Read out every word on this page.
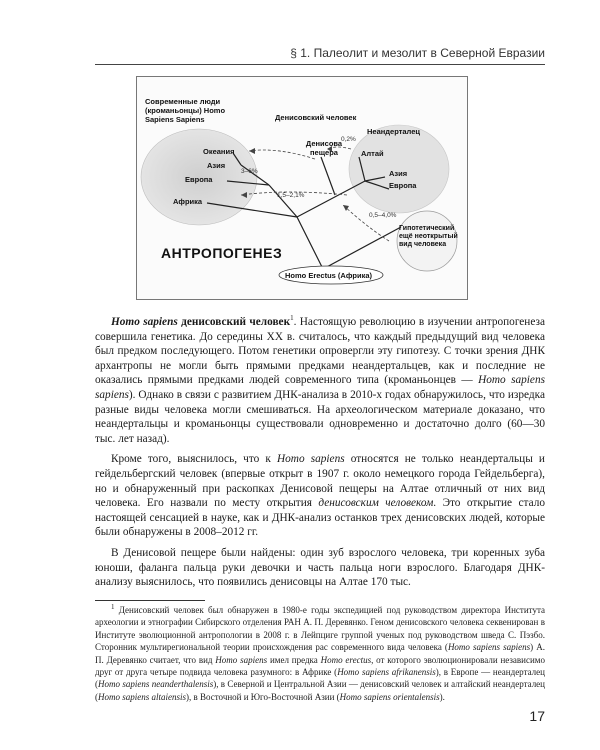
§ 1. Палеолит и мезолит в Северной Евразии
Современные люди (кроманьонцы) Homo Sapiens Sapiens	Денисовский человек
Неандерталец
Океания
Азия
Европа
Африка
Денисова пещера	Алтай
Азия
Европа
Гипотетический ещё неоткрытый вид человека
Homo Erectus (Африка)
3–6%
1,5–2,1%
0,5–4,0%
0,2%
АНТРОПОГЕНЕЗ

Homo sapiens денисовский человек$^1$. Настоящую революцию в изучении антропогенеза совершила генетика. До середины XX в. считалось, что каждый предыдущий вид человека был предком последующего. Потом генетики опровергли эту гипотезу. С точки зрения ДНК архантропы не могли быть прямыми предками неандертальцев, как и последние не оказались прямыми предками людей современного типа (кроманьонцев — Homo sapiens sapiens). Однако в связи с развитием ДНК-анализа в 2010-х годах обнаружилось, что изредка разные виды человека могли смешиваться. На археологическом материале доказано, что неандертальцы и кроманьонцы существовали одновременно и достаточно долго (60—30 тыс. лет назад).

Кроме того, выяснилось, что к Homo sapiens относятся не только неандертальцы и гейдельбергский человек (впервые открыт в 1907 г. около немецкого города Гейдельберга), но и обнаруженный при раскопках Денисовой пещеры на Алтае отличный от них вид человека. Его назвали по месту открытия денисовским человеком. Это открытие стало настоящей сенсацией в науке, как и ДНК-анализ останков трех денисовских людей, которые были обнаружены в 2008–2012 гг.

В Денисовой пещере были найдены: один зуб взрослого человека, три коренных зуба юноши, фаланга пальца руки девочки и часть пальца ноги взрослого. Благодаря ДНК-анализу выяснилось, что появились денисовцы на Алтае 170 тыс.

$^1$ Денисовский человек был обнаружен в 1980-е годы экспедицией под руководством директора Института археологии и этнографии Сибирского отделения РАН А. П. Деревянко. Геном денисовского человека секвенирован в Институте эволюционной антропологии в 2008 г. в Лейпциге группой ученых под руководством шведа С. Пэзбо. Сторонник мультирегиональной теории происхождения рас современного вида человека (Homo sapiens sapiens) А. П. Деревянко считает, что вид Homo sapiens имел предка Homo erectus, от которого эволюционировали независимо друг от друга четыре подвида человека разумного: в Африке (Homo sapiens afrikanensis), в Европе — неандерталец (Homo sapiens neanderthalensis), в Северной и Центральной Азии — денисовский человек и алтайский неандерталец (Homo sapiens altaiensis), в Восточной и Юго-Восточной Азии (Homo sapiens orientalensis).
17
